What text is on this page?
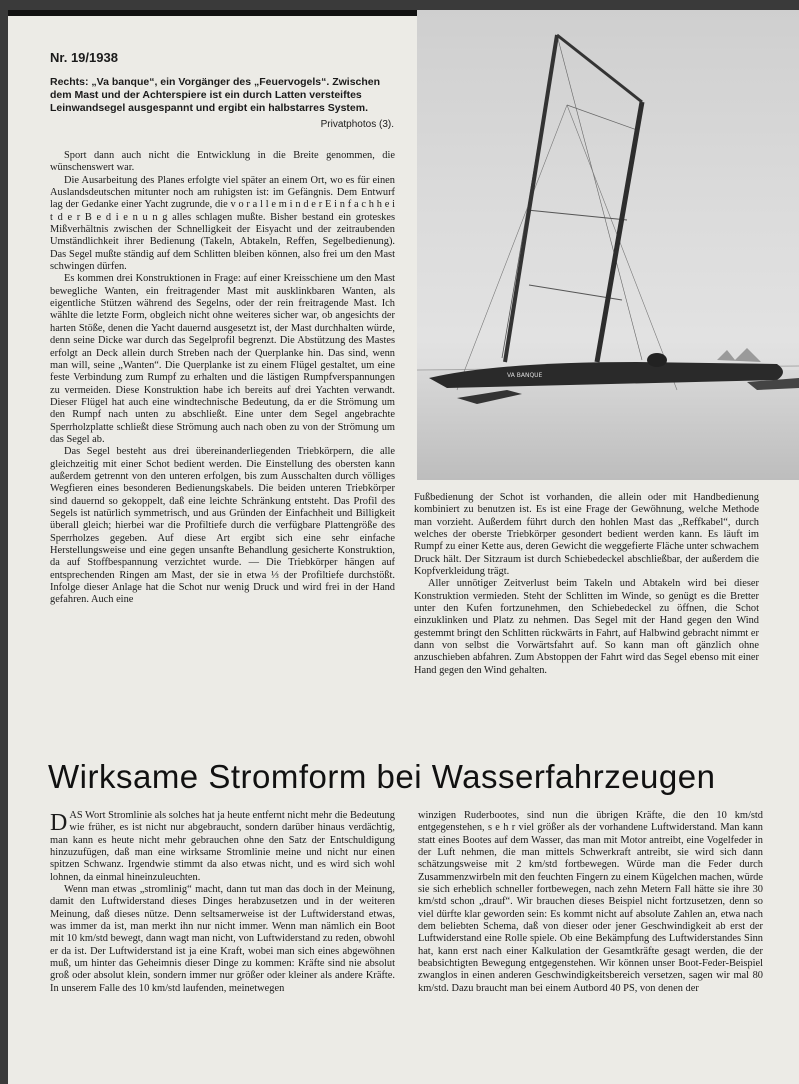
Nr. 19/1938
Rechts: „Va banque“, ein Vorgänger des „Feuervogels“. Zwischen dem Mast und der Achterspiere ist ein durch Latten versteiftes Leinwandsegel ausgespannt und ergibt ein halbstarres System.
Privatphotos (3).
VA BANQUE

Sport dann auch nicht die Entwicklung in die Breite genommen, die wünschenswert war.

Die Ausarbeitung des Planes erfolgte viel später an einem Ort, wo es für einen Auslandsdeutschen mitunter noch am ruhigsten ist: im Gefängnis. Dem Entwurf lag der Gedanke einer Yacht zugrunde, die v o r a l l e m i n d e r E i n f a c h h e i t d e r B e d i e n u n g alles schlagen mußte. Bisher bestand ein groteskes Mißverhältnis zwischen der Schnelligkeit der Eisyacht und der zeitraubenden Umständlichkeit ihrer Bedienung (Takeln, Abtakeln, Reffen, Segelbedienung). Das Segel mußte ständig auf dem Schlitten bleiben können, also frei um den Mast schwingen dürfen.

Es kommen drei Konstruktionen in Frage: auf einer Kreisschiene um den Mast bewegliche Wanten, ein freitragender Mast mit ausklinkbaren Wanten, als eigentliche Stützen während des Segelns, oder der rein freitragende Mast. Ich wählte die letzte Form, obgleich nicht ohne weiteres sicher war, ob angesichts der harten Stöße, denen die Yacht dauernd ausgesetzt ist, der Mast durchhalten würde, denn seine Dicke war durch das Segelprofil begrenzt. Die Abstützung des Mastes erfolgt an Deck allein durch Streben nach der Querplanke hin. Das sind, wenn man will, seine „Wanten“. Die Querplanke ist zu einem Flügel gestaltet, um eine feste Verbindung zum Rumpf zu erhalten und die lästigen Rumpfverspannungen zu vermeiden. Diese Konstruktion habe ich bereits auf drei Yachten verwandt. Dieser Flügel hat auch eine windtechnische Bedeutung, da er die Strömung um den Rumpf nach unten zu abschließt. Eine unter dem Segel angebrachte Sperrholzplatte schließt diese Strömung auch nach oben zu von der Strömung um das Segel ab.

Das Segel besteht aus drei übereinanderliegenden Triebkörpern, die alle gleichzeitig mit einer Schot bedient werden. Die Einstellung des obersten kann außerdem getrennt von den unteren erfolgen, bis zum Ausschalten durch völliges Wegfieren eines besonderen Bedienungskabels. Die beiden unteren Triebkörper sind dauernd so gekoppelt, daß eine leichte Schränkung entsteht. Das Profil des Segels ist natürlich symmetrisch, und aus Gründen der Einfachheit und Billigkeit überall gleich; hierbei war die Profiltiefe durch die verfügbare Plattengröße des Sperrholzes gegeben. Auf diese Art ergibt sich eine sehr einfache Herstellungsweise und eine gegen unsanfte Behandlung gesicherte Konstruktion, da auf Stoffbespannung verzichtet wurde. — Die Triebkörper hängen auf entsprechenden Ringen am Mast, der sie in etwa ⅓ der Profiltiefe durchstößt. Infolge dieser Anlage hat die Schot nur wenig Druck und wird frei in der Hand gefahren. Auch eine

Fußbedienung der Schot ist vorhanden, die allein oder mit Handbedienung kombiniert zu benutzen ist. Es ist eine Frage der Gewöhnung, welche Methode man vorzieht. Außerdem führt durch den hohlen Mast das „Reffkabel“, durch welches der oberste Triebkörper gesondert bedient werden kann. Es läuft im Rumpf zu einer Kette aus, deren Gewicht die weggefierte Fläche unter schwachem Druck hält. Der Sitzraum ist durch Schiebedeckel abschließbar, der außerdem die Kopfverkleidung trägt.

Aller unnötiger Zeitverlust beim Takeln und Abtakeln wird bei dieser Konstruktion vermieden. Steht der Schlitten im Winde, so genügt es die Bretter unter den Kufen fortzunehmen, den Schiebedeckel zu öffnen, die Schot einzuklinken und Platz zu nehmen. Das Segel mit der Hand gegen den Wind gestemmt bringt den Schlitten rückwärts in Fahrt, auf Halbwind gebracht nimmt er dann von selbst die Vorwärtsfahrt auf. So kann man oft gänzlich ohne anzuschieben abfahren. Zum Abstoppen der Fahrt wird das Segel ebenso mit einer Hand gegen den Wind gehalten.

Wirksame Stromform bei Wasserfahrzeugen

DAS Wort Stromlinie als solches hat ja heute entfernt nicht mehr die Bedeutung wie früher, es ist nicht nur abgebraucht, sondern darüber hinaus verdächtig, man kann es heute nicht mehr gebrauchen ohne den Satz der Entschuldigung hinzuzufügen, daß man eine wirksame Stromlinie meine und nicht nur einen spitzen Schwanz. Irgendwie stimmt da also etwas nicht, und es wird sich wohl lohnen, da einmal hineinzuleuchten.

Wenn man etwas „stromlinig“ macht, dann tut man das doch in der Meinung, damit den Luftwiderstand dieses Dinges herabzusetzen und in der weiteren Meinung, daß dieses nütze. Denn seltsamerweise ist der Luftwiderstand etwas, was immer da ist, man merkt ihn nur nicht immer. Wenn man nämlich ein Boot mit 10 km/std bewegt, dann wagt man nicht, von Luftwiderstand zu reden, obwohl er da ist. Der Luftwiderstand ist ja eine Kraft, wobei man sich eines abgewöhnen muß, um hinter das Geheimnis dieser Dinge zu kommen: Kräfte sind nie absolut groß oder absolut klein, sondern immer nur größer oder kleiner als andere Kräfte. In unserem Falle des 10 km/std laufenden, meinetwegen

winzigen Ruderbootes, sind nun die übrigen Kräfte, die den 10 km/std entgegenstehen, s e h r viel größer als der vorhandene Luftwiderstand. Man kann statt eines Bootes auf dem Wasser, das man mit Motor antreibt, eine Vogelfeder in der Luft nehmen, die man mittels Schwerkraft antreibt, sie wird sich dann schätzungsweise mit 2 km/std fortbewegen. Würde man die Feder durch Zusammenzwirbeln mit den feuchten Fingern zu einem Kügelchen machen, würde sie sich erheblich schneller fortbewegen, nach zehn Metern Fall hätte sie ihre 30 km/std schon „drauf“. Wir brauchen dieses Beispiel nicht fortzusetzen, denn so viel dürfte klar geworden sein: Es kommt nicht auf absolute Zahlen an, etwa nach dem beliebten Schema, daß von dieser oder jener Geschwindigkeit ab erst der Luftwiderstand eine Rolle spiele. Ob eine Bekämpfung des Luftwiderstandes Sinn hat, kann erst nach einer Kalkulation der Gesamtkräfte gesagt werden, die der beabsichtigten Bewegung entgegenstehen. Wir können unser Boot-Feder-Beispiel zwanglos in einen anderen Geschwindigkeitsbereich versetzen, sagen wir mal 80 km/std. Dazu braucht man bei einem Autbord 40 PS, von denen der
